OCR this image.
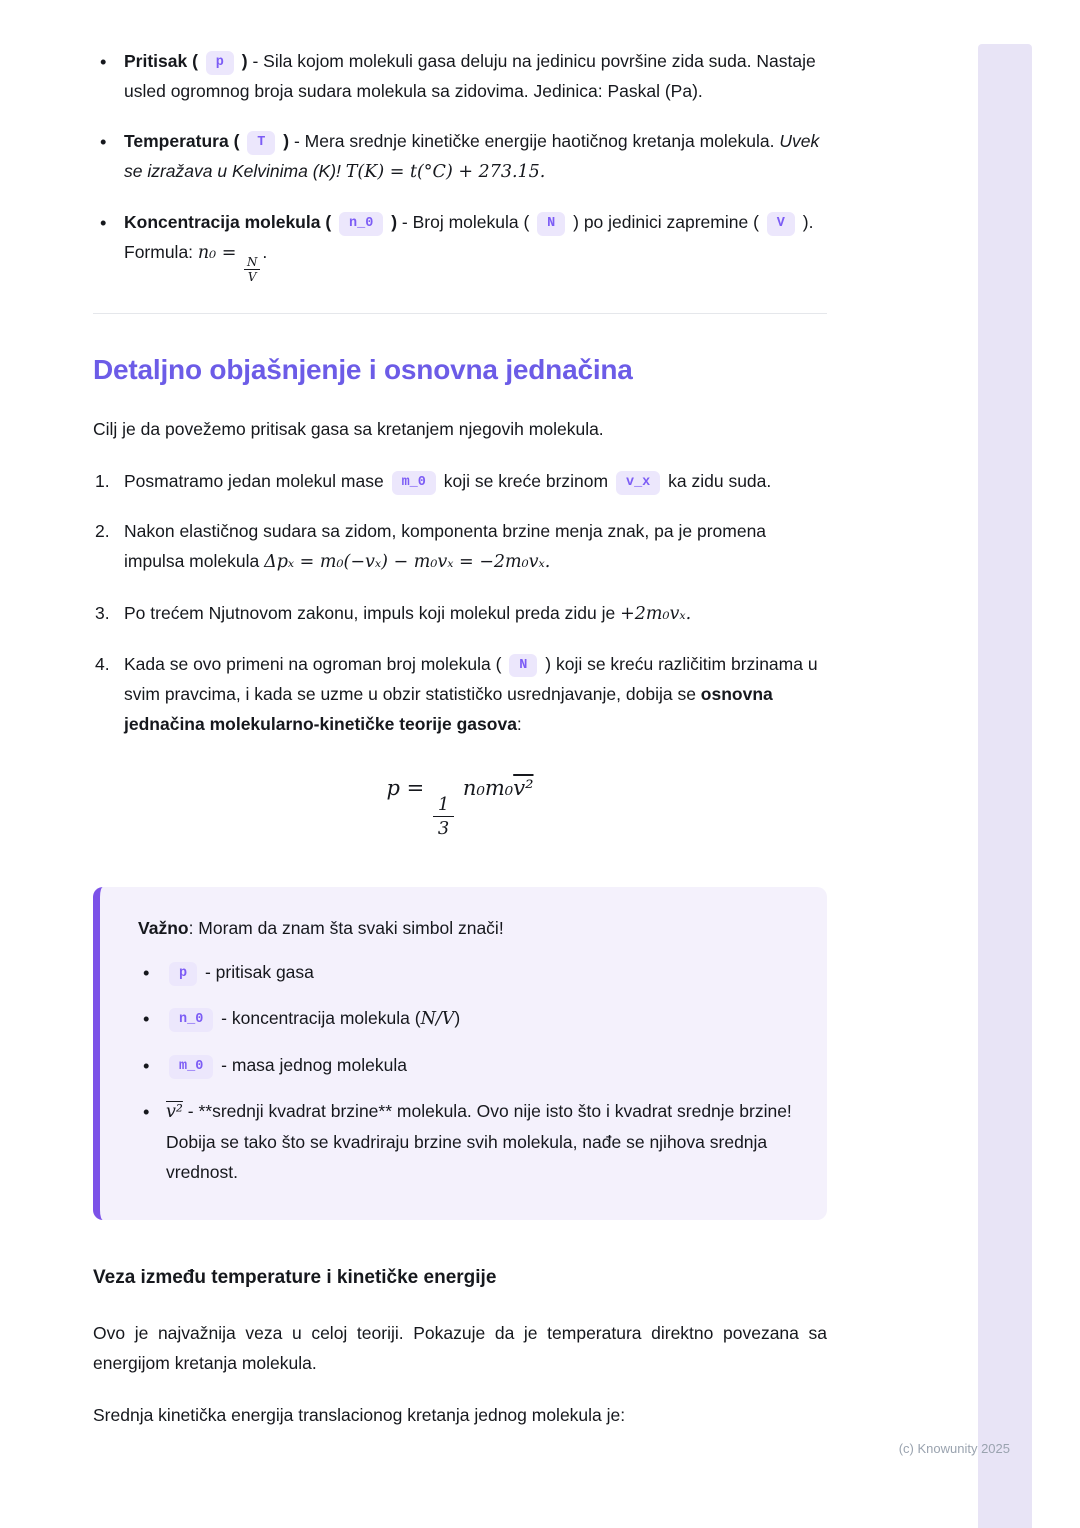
• Pritisak ( p ) - Sila kojom molekuli gasa deluju na jedinicu površine zida suda. Nastaje usled ogromnog broja sudara molekula sa zidovima. Jedinica: Paskal (Pa).
• Temperatura ( T ) - Mera srednje kinetičke energije haotičnog kretanja molekula. Uvek se izražava u Kelvinima (K)! T(K) = t(°C) + 273.15.
• Koncentracija molekula ( n_0 ) - Broj molekula ( N ) po jedinici zapremine ( V ). Formula: n₀ =
$\frac{N}{V}$
.
Detaljno objašnjenje i osnovna jednačina

Cilj je da povežemo pritisak gasa sa kretanjem njegovih molekula.

Posmatramo jedan molekul mase m_0 koji se kreće brzinom v_x ka zidu suda.
Nakon elastičnog sudara sa zidom, komponenta brzine menja znak, pa je promena impulsa molekula Δpₓ = m₀(−vₓ) − m₀vₓ = −2m₀vₓ.
Po trećem Njutnovom zakonu, impuls koji molekul preda zidu je +2m₀vₓ.
Kada se ovo primeni na ogroman broj molekula ( N ) koji se kreću različitim brzinama u svim pravcima, i kada se uzme u obzir statističko usrednjavanje, dobija se osnovna jednačina molekularno-kinetičke teorije gasova:
p =
$\frac{1}{3}$
n₀m₀v²

Važno: Moram da znam šta svaki simbol znači!

• p - pritisak gasa
• n_0 - koncentracija molekula (N/V)
• m_0 - masa jednog molekula
• v² - **srednji kvadrat brzine** molekula. Ovo nije isto što i kvadrat srednje brzine! Dobija se tako što se kvadriraju brzine svih molekula, nađe se njihova srednja vrednost.
Veza između temperature i kinetičke energije

Ovo je najvažnija veza u celoj teoriji. Pokazuje da je temperatura direktno povezana sa energijom kretanja molekula.

Srednja kinetička energija translacionog kretanja jednog molekula je:

(c) Knowunity 2025
